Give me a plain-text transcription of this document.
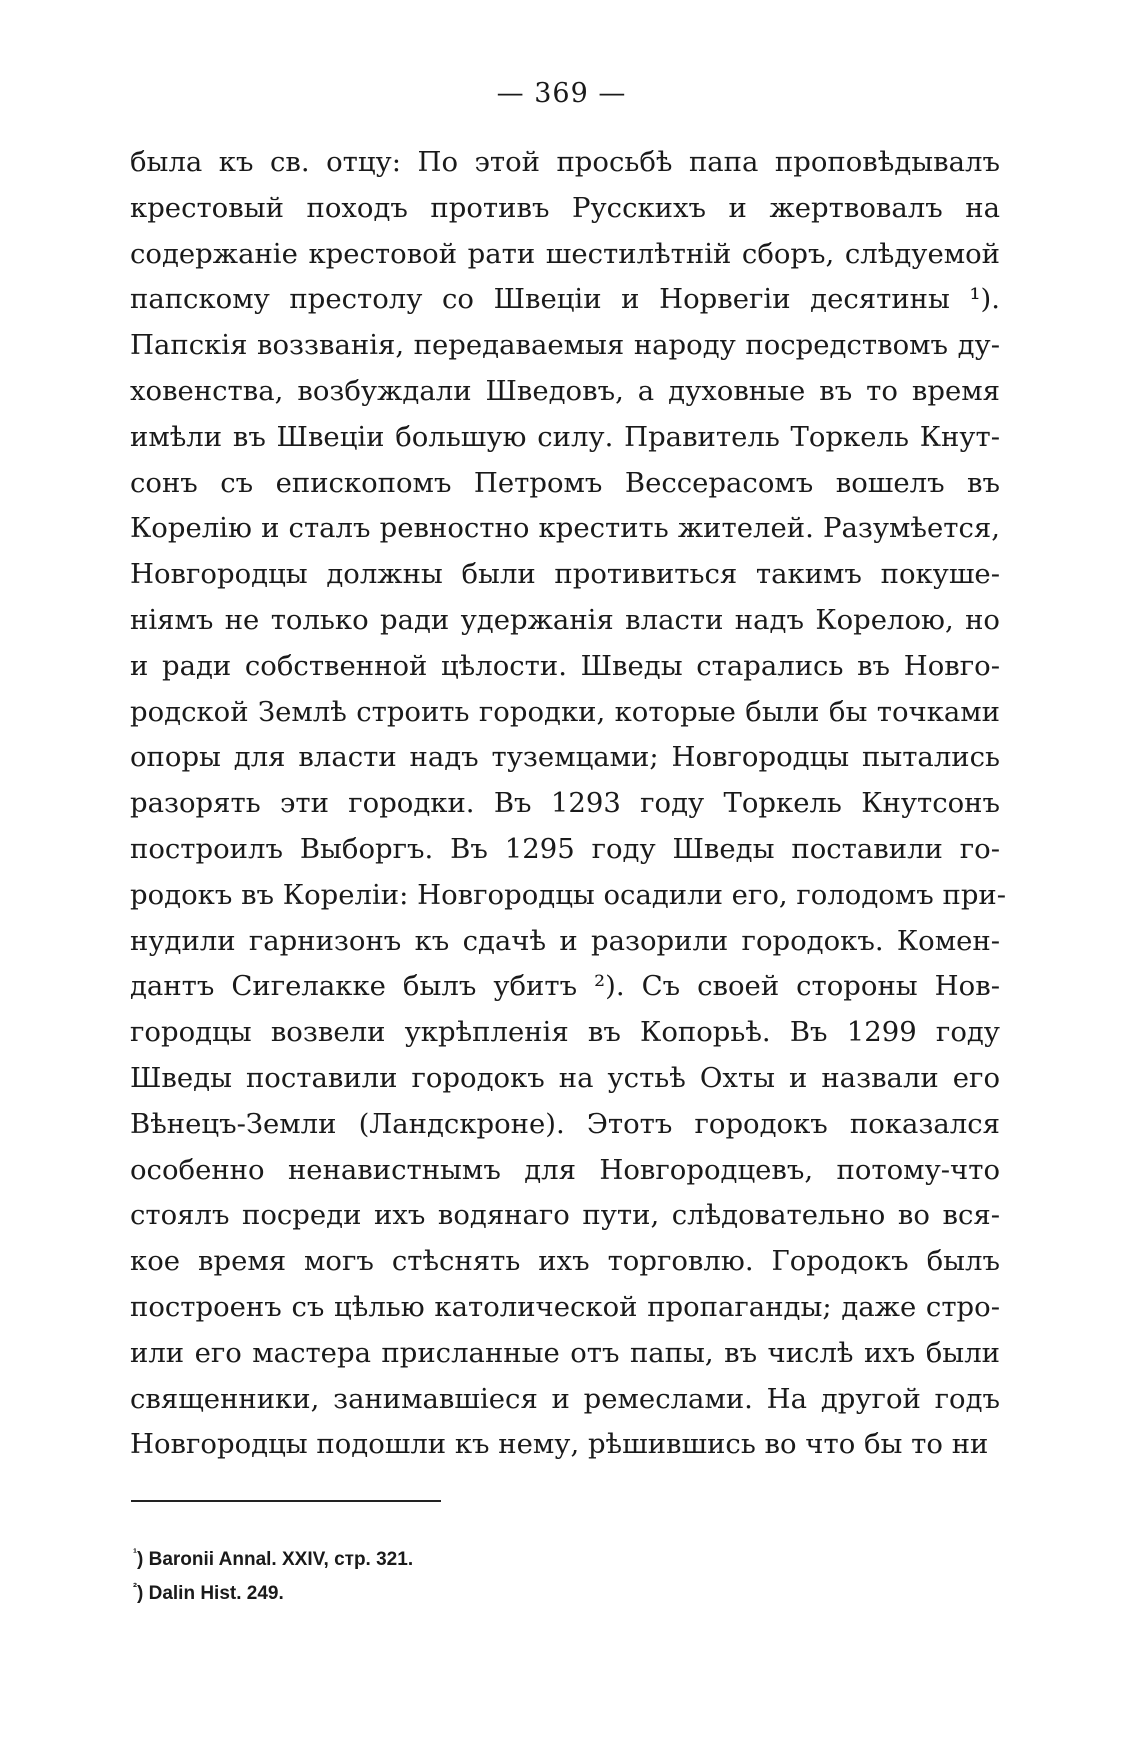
— 369 —
была къ св. отцу: По этой просьбѣ папа проповѣдывалъ
крестовый походъ противъ Русскихъ и жертвовалъ на
содержаніе крестовой рати шестилѣтній сборъ, слѣдуемой
папскому престолу со Швеціи и Норвегіи десятины ¹).
Папскія воззванія, передаваемыя народу посредствомъ ду-
ховенства, возбуждали Шведовъ, а духовные въ то время
имѣли въ Швеціи большую силу. Правитель Торкель Кнут-
сонъ съ епископомъ Петромъ Вессерасомъ вошелъ въ
Корелію и сталъ ревностно крестить жителей. Разумѣется,
Новгородцы должны были противиться такимъ покуше-
ніямъ не только ради удержанія власти надъ Корелою, но
и ради собственной цѣлости. Шведы старались въ Новго-
родской Землѣ строить городки, которые были бы точками
опоры для власти надъ туземцами; Новгородцы пытались
разорять эти городки. Въ 1293 году Торкель Кнутсонъ
построилъ Выборгъ. Въ 1295 году Шведы поставили го-
родокъ въ Кореліи: Новгородцы осадили его, голодомъ при-
нудили гарнизонъ къ сдачѣ и разорили городокъ. Комен-
дантъ Сигелакке былъ убитъ ²). Съ своей стороны Нов-
городцы возвели укрѣпленія въ Копорьѣ. Въ 1299 году
Шведы поставили городокъ на устьѣ Охты и назвали его
Вѣнецъ-Земли (Ландскроне). Этотъ городокъ показался
особенно ненавистнымъ для Новгородцевъ, потому-что
стоялъ посреди ихъ водянаго пути, слѣдовательно во вся-
кое время могъ стѣснять ихъ торговлю. Городокъ былъ
построенъ съ цѣлью католической пропаганды; даже стро-
или его мастера присланные отъ папы, въ числѣ ихъ были
священники, занимавшіеся и ремеслами. На другой годъ
Новгородцы подошли къ нему, рѣшившись во что бы то ни
$^{^1}$) Baronii Annal. XXIV, стр. 321.
$^{^2}$) Dalin Hist. 249.
